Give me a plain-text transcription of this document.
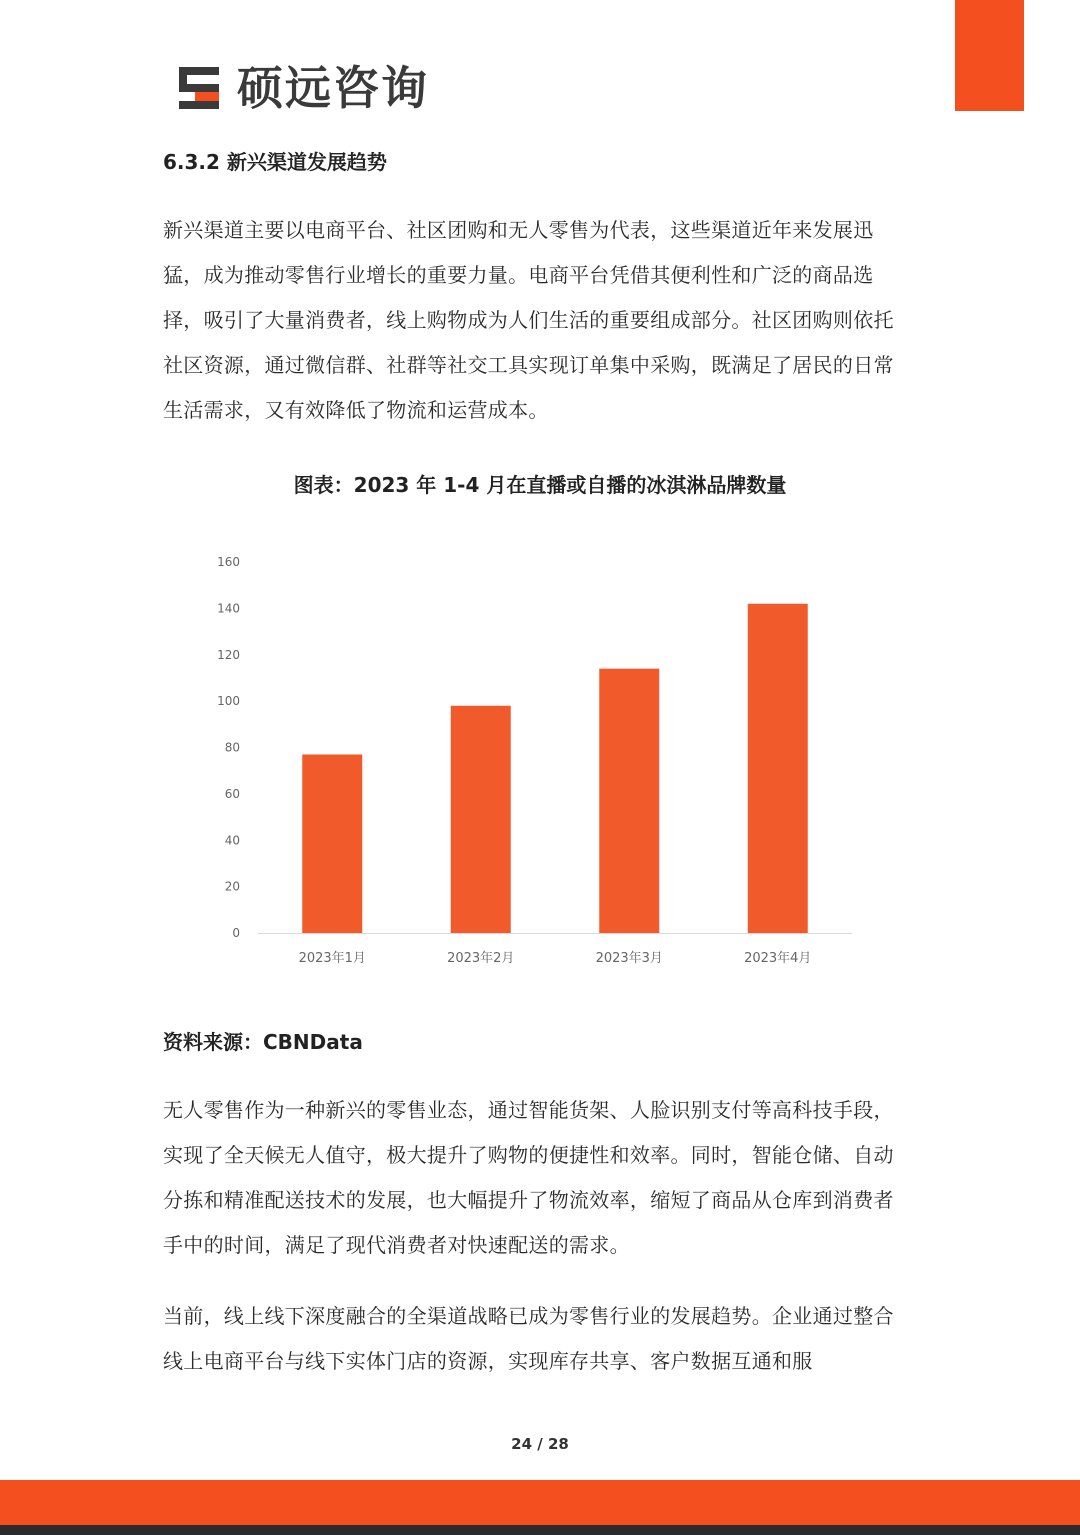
硕远咨询
6.3.2 新兴渠道发展趋势

新兴渠道主要以电商平台、社区团购和无人零售为代表，这些渠道近年来发展迅猛，成为推动零售行业增长的重要力量。电商平台凭借其便利性和广泛的商品选择，吸引了大量消费者，线上购物成为人们生活的重要组成部分。社区团购则依托社区资源，通过微信群、社群等社交工具实现订单集中采购，既满足了居民的日常生活需求，又有效降低了物流和运营成本。

图表：2023 年 1-4 月在直播或自播的冰淇淋品牌数量
0
20
40
60
80
100
120
140
160
2023年1月	2023年2月	2023年3月	2023年4月
资料来源：CBNData

无人零售作为一种新兴的零售业态，通过智能货架、人脸识别支付等高科技手段，实现了全天候无人值守，极大提升了购物的便捷性和效率。同时，智能仓储、自动分拣和精准配送技术的发展，也大幅提升了物流效率，缩短了商品从仓库到消费者手中的时间，满足了现代消费者对快速配送的需求。

当前，线上线下深度融合的全渠道战略已成为零售行业的发展趋势。企业通过整合线上电商平台与线下实体门店的资源，实现库存共享、客户数据互通和服

24 / 28
